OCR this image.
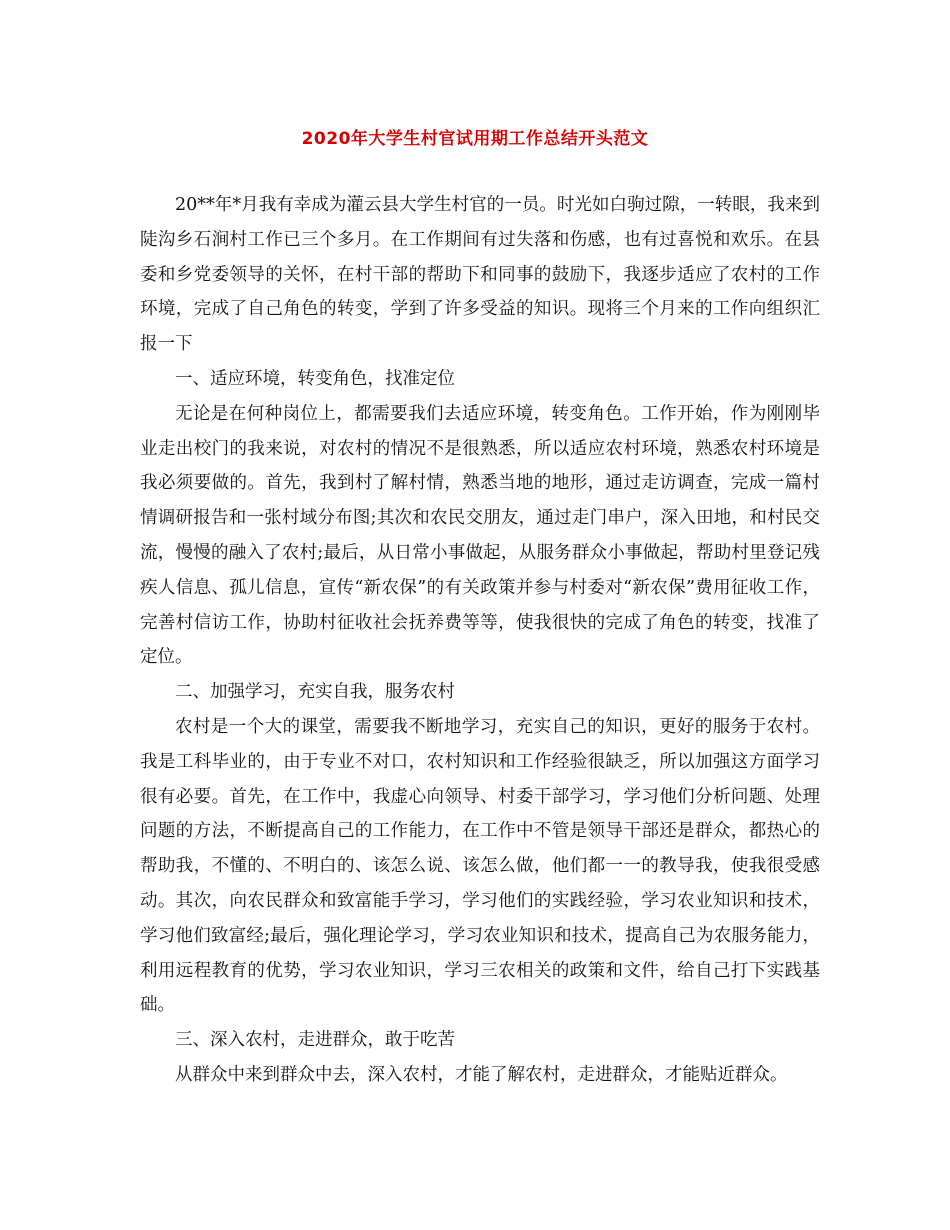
2020年大学生村官试用期工作总结开头范文

20**年*月我有幸成为灌云县大学生村官的一员。时光如白驹过隙，一转眼，我来到陡沟乡石涧村工作已三个多月。在工作期间有过失落和伤感，也有过喜悦和欢乐。在县委和乡党委领导的关怀，在村干部的帮助下和同事的鼓励下，我逐步适应了农村的工作环境，完成了自己角色的转变，学到了许多受益的知识。现将三个月来的工作向组织汇报一下

一、适应环境，转变角色，找准定位

无论是在何种岗位上，都需要我们去适应环境，转变角色。工作开始，作为刚刚毕业走出校门的我来说，对农村的情况不是很熟悉，所以适应农村环境，熟悉农村环境是我必须要做的。首先，我到村了解村情，熟悉当地的地形，通过走访调查，完成一篇村情调研报告和一张村域分布图;其次和农民交朋友，通过走门串户，深入田地，和村民交流，慢慢的融入了农村;最后，从日常小事做起，从服务群众小事做起，帮助村里登记残疾人信息、孤儿信息，宣传“新农保”的有关政策并参与村委对“新农保”费用征收工作，完善村信访工作，协助村征收社会抚养费等等，使我很快的完成了角色的转变，找准了定位。

二、加强学习，充实自我，服务农村

农村是一个大的课堂，需要我不断地学习，充实自己的知识，更好的服务于农村。我是工科毕业的，由于专业不对口，农村知识和工作经验很缺乏，所以加强这方面学习很有必要。首先，在工作中，我虚心向领导、村委干部学习，学习他们分析问题、处理问题的方法，不断提高自己的工作能力，在工作中不管是领导干部还是群众，都热心的帮助我，不懂的、不明白的、该怎么说、该怎么做，他们都一一的教导我，使我很受感动。其次，向农民群众和致富能手学习，学习他们的实践经验，学习农业知识和技术，学习他们致富经;最后，强化理论学习，学习农业知识和技术，提高自己为农服务能力，利用远程教育的优势，学习农业知识，学习三农相关的政策和文件，给自己打下实践基础。

三、深入农村，走进群众，敢于吃苦

从群众中来到群众中去，深入农村，才能了解农村，走进群众，才能贴近群众。
